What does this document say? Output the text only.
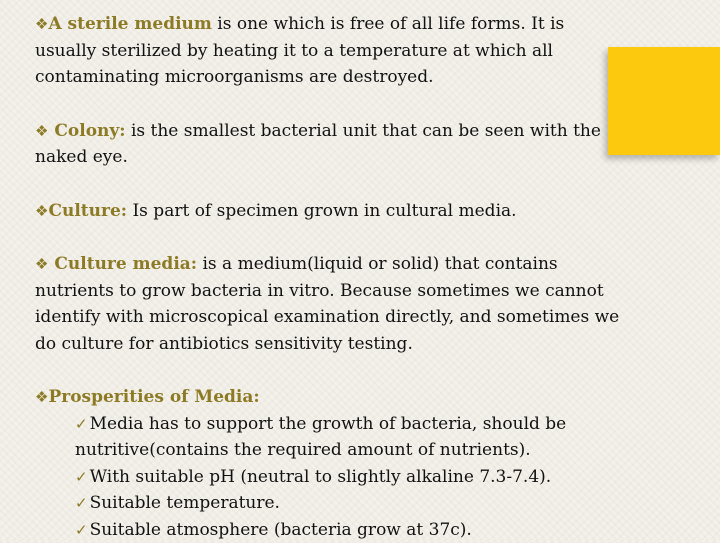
❖A sterile medium is one which is free of all life forms. It is usually sterilized by heating it to a temperature at which all contaminating microorganisms are destroyed.

❖ Colony: is the smallest bacterial unit that can be seen with the naked eye.

❖Culture: Is part of specimen grown in cultural media.

❖ Culture media: is a medium(liquid or solid) that contains nutrients to grow bacteria in vitro. Because sometimes we cannot identify with microscopical examination directly, and sometimes we do culture for antibiotics sensitivity testing.

❖Prosperities of Media:

✓ Media has to support the growth of bacteria, should be nutritive(contains the required amount of nutrients).

✓ With suitable pH (neutral to slightly alkaline 7.3-7.4).

✓ Suitable temperature.

✓ Suitable atmosphere (bacteria grow at 37c).
